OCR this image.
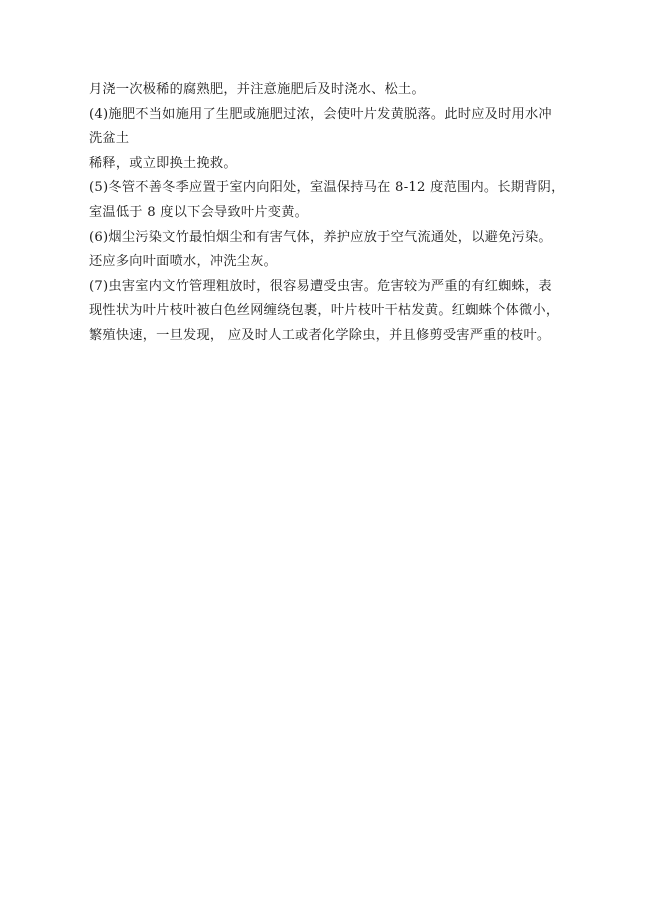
月浇一次极稀的腐熟肥，并注意施肥后及时浇水、松土。
(4)施肥不当如施用了生肥或施肥过浓，会使叶片发黄脱落。此时应及时用水冲
洗盆土
稀释，或立即换土挽救。
(5)冬管不善冬季应置于室内向阳处，室温保持马在 8-12 度范围内。长期背阴，
室温低于 8 度以下会导致叶片变黄。
(6)烟尘污染文竹最怕烟尘和有害气体，养护应放于空气流通处，以避免污染。
还应多向叶面喷水，冲洗尘灰。
(7)虫害室内文竹管理粗放时，很容易遭受虫害。危害较为严重的有红蜘蛛，表
现性状为叶片枝叶被白色丝网缠绕包裹，叶片枝叶干枯发黄。红蜘蛛个体微小，
繁殖快速，一旦发现， 应及时人工或者化学除虫，并且修剪受害严重的枝叶。
